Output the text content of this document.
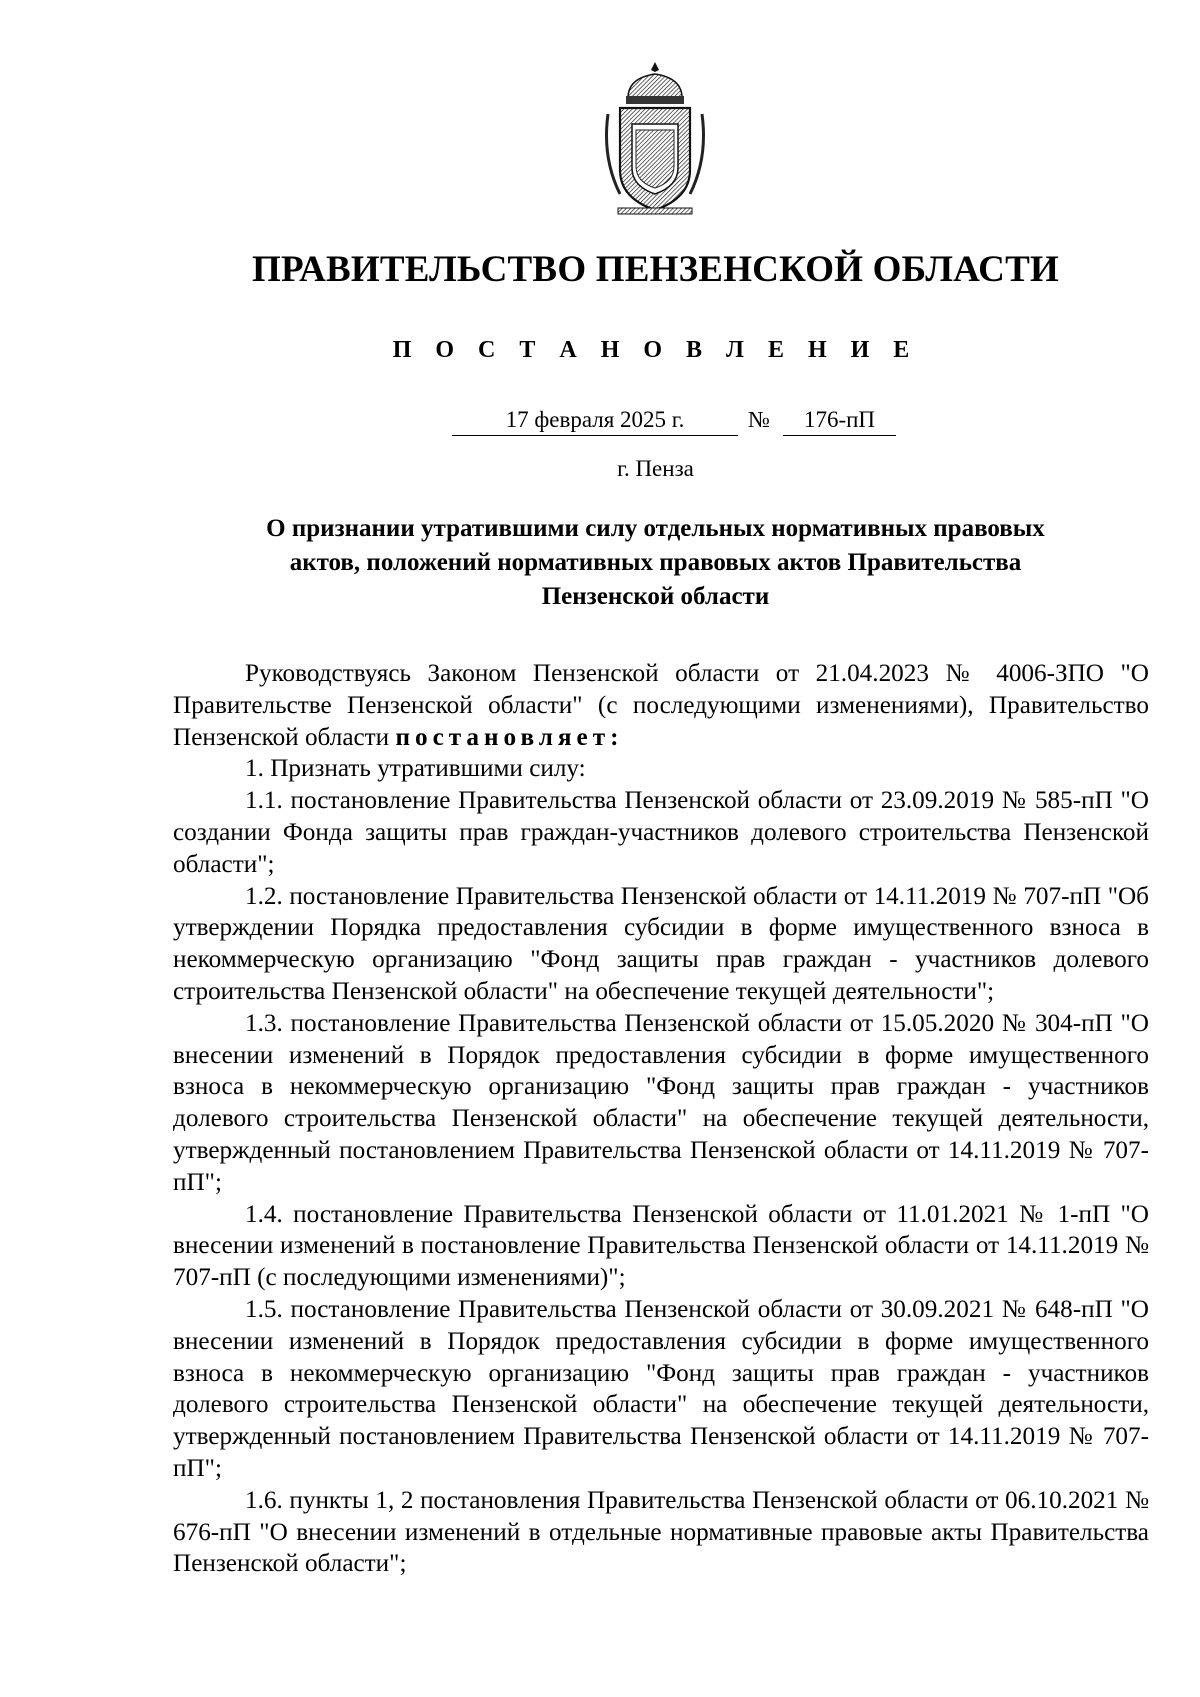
ПРАВИТЕЛЬСТВО ПЕНЗЕНСКОЙ ОБЛАСТИ
П О С Т А Н О В Л Е Н И Е
17 февраля 2025 г.	№	176-пП
г. Пенза
О признании утратившими силу отдельных нормативных правовых актов, положений нормативных правовых актов Правительства Пензенской области

Руководствуясь Законом Пензенской области от 21.04.2023 № 4006-ЗПО "О Правительстве Пензенской области" (с последующими изменениями), Правительство Пензенской области постановляет:

1. Признать утратившими силу:

1.1. постановление Правительства Пензенской области от 23.09.2019 № 585-пП "О создании Фонда защиты прав граждан-участников долевого строительства Пензенской области";

1.2. постановление Правительства Пензенской области от 14.11.2019 № 707-пП "Об утверждении Порядка предоставления субсидии в форме имущественного взноса в некоммерческую организацию "Фонд защиты прав граждан - участников долевого строительства Пензенской области" на обеспечение текущей деятельности";

1.3. постановление Правительства Пензенской области от 15.05.2020 № 304-пП "О внесении изменений в Порядок предоставления субсидии в форме имущественного взноса в некоммерческую организацию "Фонд защиты прав граждан - участников долевого строительства Пензенской области" на обеспечение текущей деятельности, утвержденный постановлением Правительства Пензенской области от 14.11.2019 № 707-пП";

1.4. постановление Правительства Пензенской области от 11.01.2021 № 1-пП "О внесении изменений в постановление Правительства Пензенской области от 14.11.2019 № 707-пП (с последующими изменениями)";

1.5. постановление Правительства Пензенской области от 30.09.2021 № 648-пП "О внесении изменений в Порядок предоставления субсидии в форме имущественного взноса в некоммерческую организацию "Фонд защиты прав граждан - участников долевого строительства Пензенской области" на обеспечение текущей деятельности, утвержденный постановлением Правительства Пензенской области от 14.11.2019 № 707-пП";

1.6. пункты 1, 2 постановления Правительства Пензенской области от 06.10.2021 № 676-пП "О внесении изменений в отдельные нормативные правовые акты Правительства Пензенской области";
